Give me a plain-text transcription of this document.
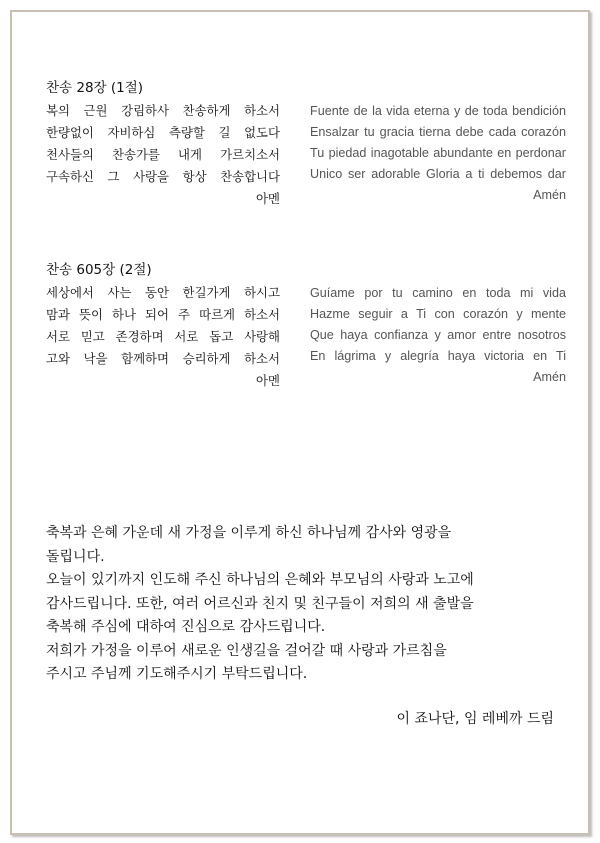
찬송 28장 (1절)
복의 근원 강림하사 찬송하게 하소서
한량없이 자비하심 측량할 길 없도다
천사들의 찬송가를 내게 가르치소서
구속하신 그 사랑을 항상 찬송합니다
아멘
Fuente de la vida eterna y de toda bendición
Ensalzar tu gracia tierna debe cada corazón
Tu piedad inagotable abundante en perdonar
Unico ser adorable Gloria a ti debemos dar
Amén
찬송 605장 (2절)
세상에서 사는 동안 한길가게 하시고
맘과 뜻이 하나 되어 주 따르게 하소서
서로 믿고 존경하며 서로 돕고 사랑해
고와 낙을 함께하며 승리하게 하소서
아멘
Guíame por tu camino en toda mi vida
Hazme seguir a Ti con corazón y mente
Que haya confianza y amor entre nosotros
En lágrima y alegría haya victoria en Ti
Amén
축복과 은혜 가운데 새 가정을 이루게 하신 하나님께 감사와 영광을
돌립니다.
오늘이 있기까지 인도해 주신 하나님의 은혜와 부모님의 사랑과 노고에
감사드립니다. 또한, 여러 어르신과 친지 및 친구들이 저희의 새 출발을
축복해 주심에 대하여 진심으로 감사드립니다.
저희가 가정을 이루어 새로운 인생길을 걸어갈 때 사랑과 가르침을
주시고 주님께 기도해주시기 부탁드립니다.
이 죠나단, 임 레베까 드림
